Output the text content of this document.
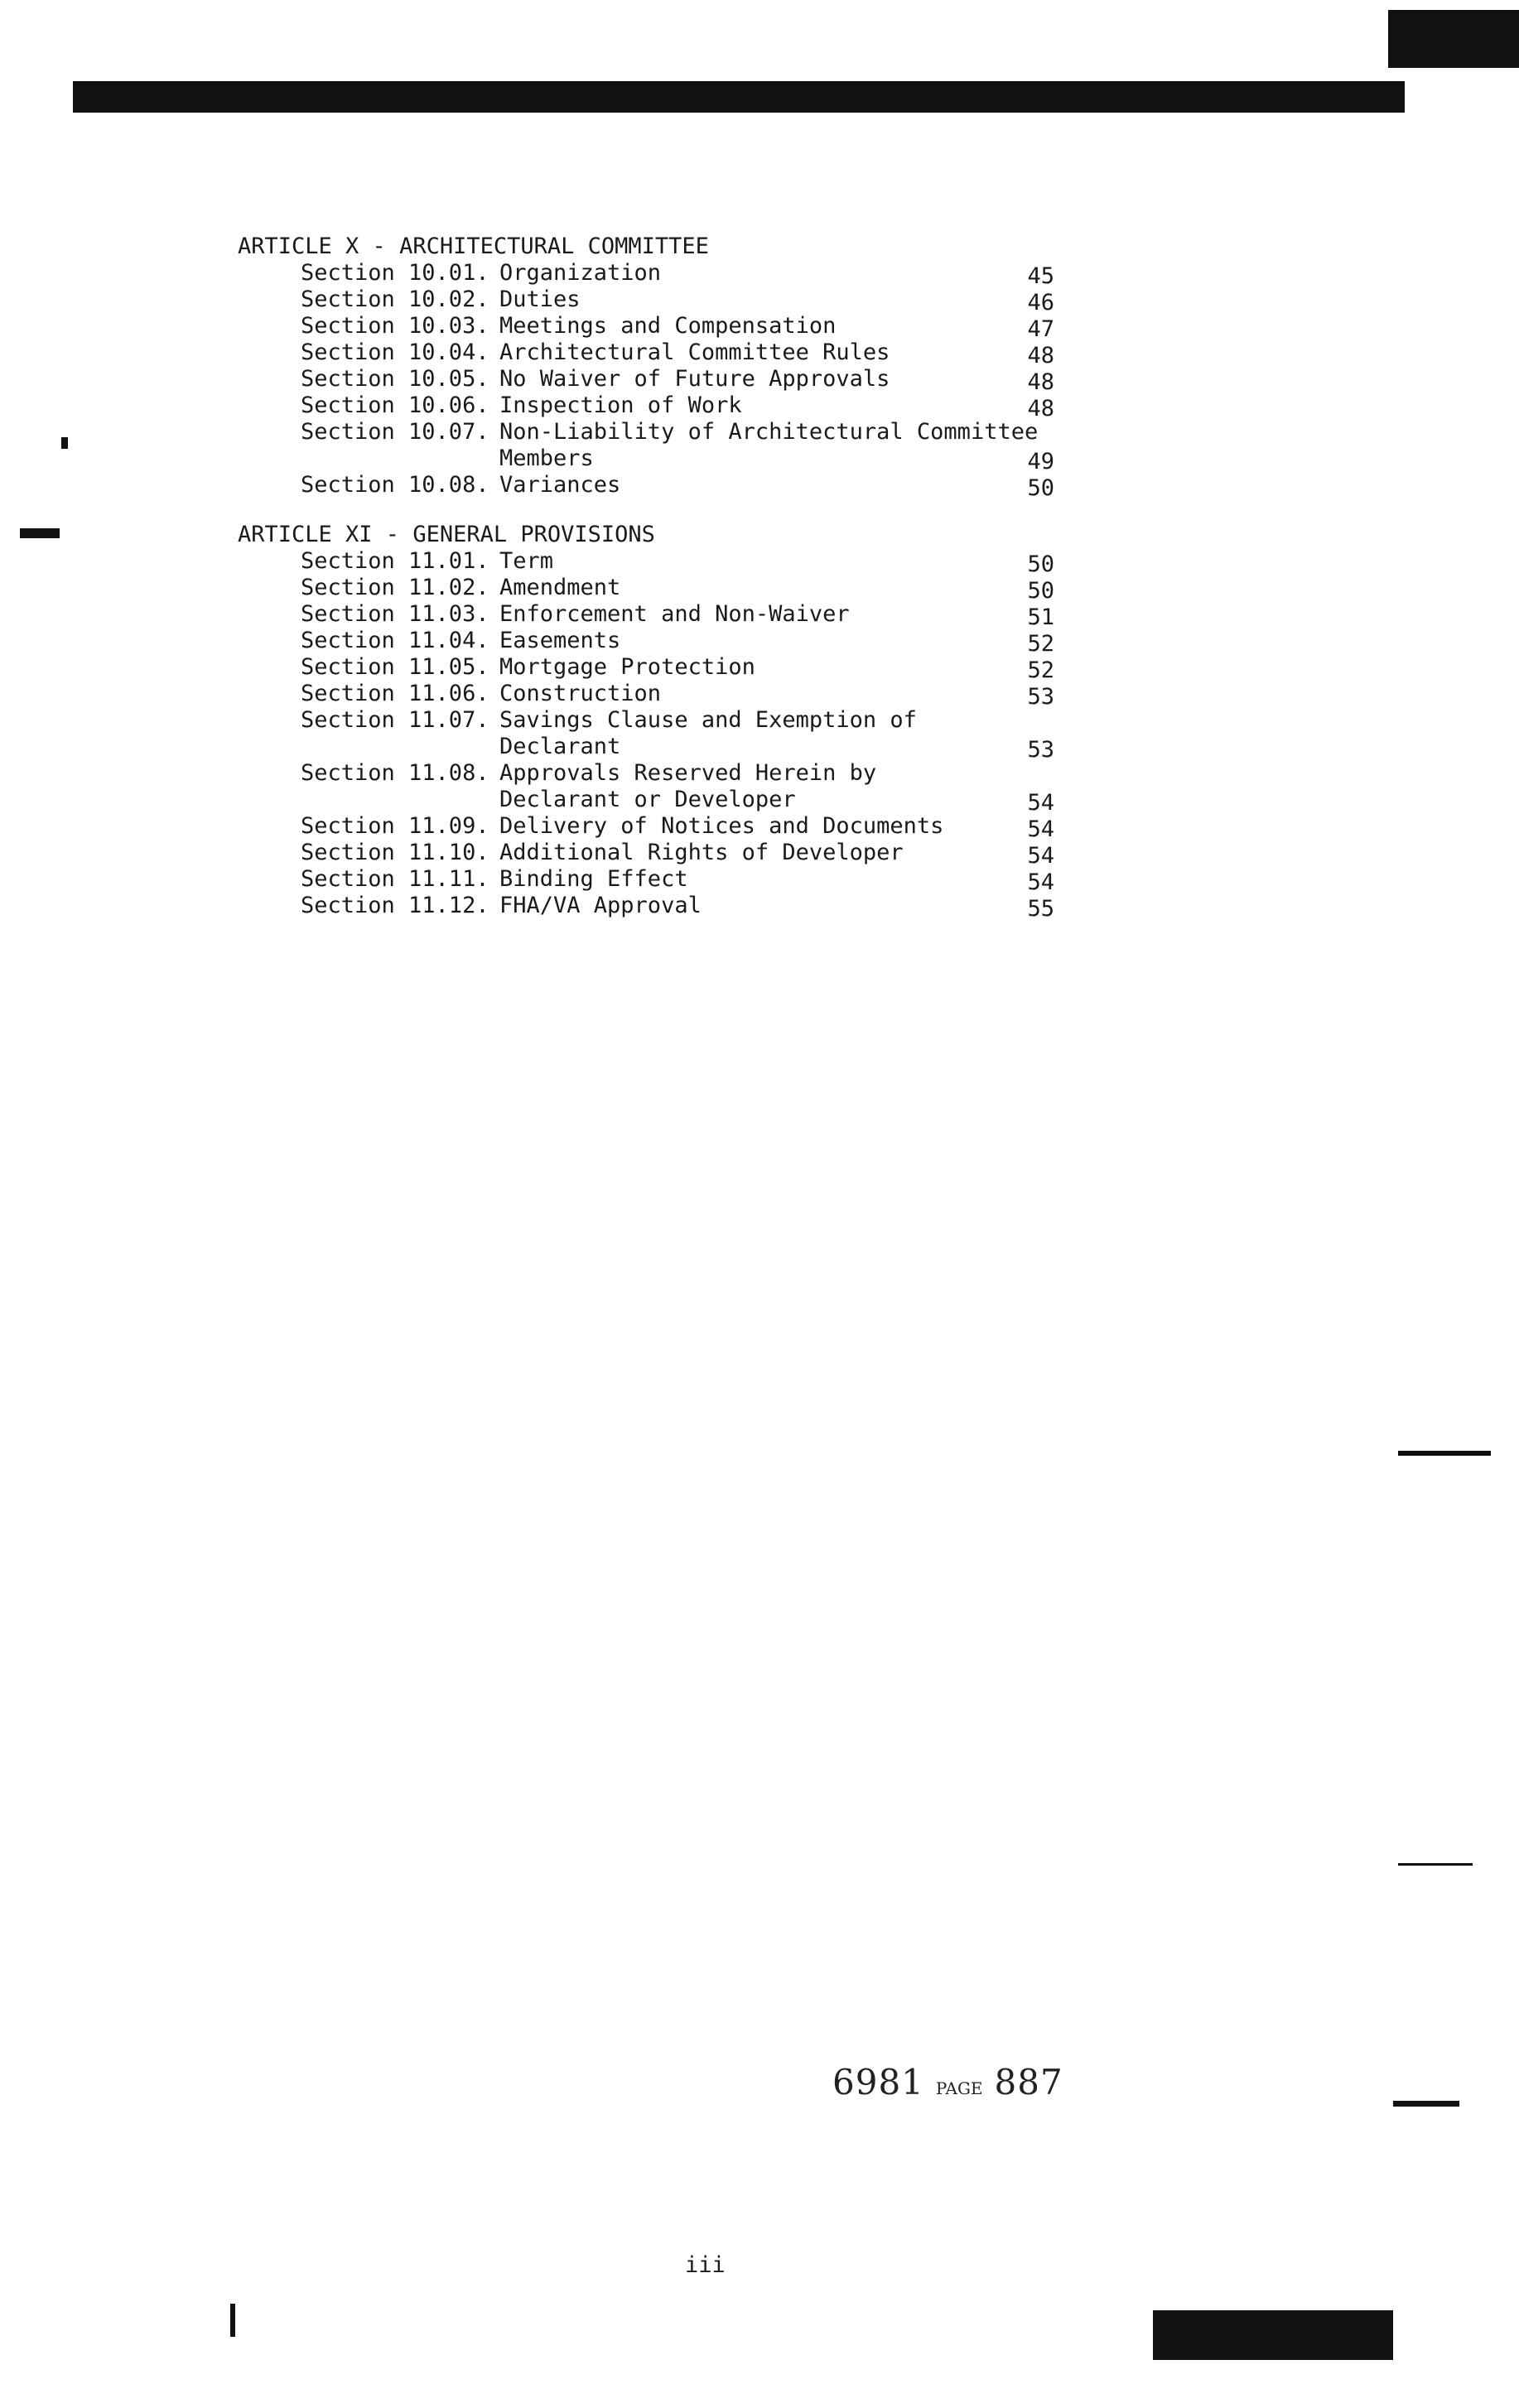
ARTICLE X - ARCHITECTURAL COMMITTEE
Section 10.01. Organization	45
Section 10.02. Duties	46
Section 10.03. Meetings and Compensation	47
Section 10.04. Architectural Committee Rules	48
Section 10.05. No Waiver of Future Approvals	48
Section 10.06. Inspection of Work	48
Section 10.07. Non-Liability of Architectural Committee
Members	49
Section 10.08. Variances	50
ARTICLE XI - GENERAL PROVISIONS
Section 11.01. Term	50
Section 11.02. Amendment	50
Section 11.03. Enforcement and Non-Waiver	51
Section 11.04. Easements	52
Section 11.05. Mortgage Protection	52
Section 11.06. Construction	53
Section 11.07. Savings Clause and Exemption of
Declarant	53
Section 11.08. Approvals Reserved Herein by
Declarant or Developer	54
Section 11.09. Delivery of Notices and Documents	54
Section 11.10. Additional Rights of Developer	54
Section 11.11. Binding Effect	54
Section 11.12. FHA/VA Approval	55
6981 PAGE 887
iii
